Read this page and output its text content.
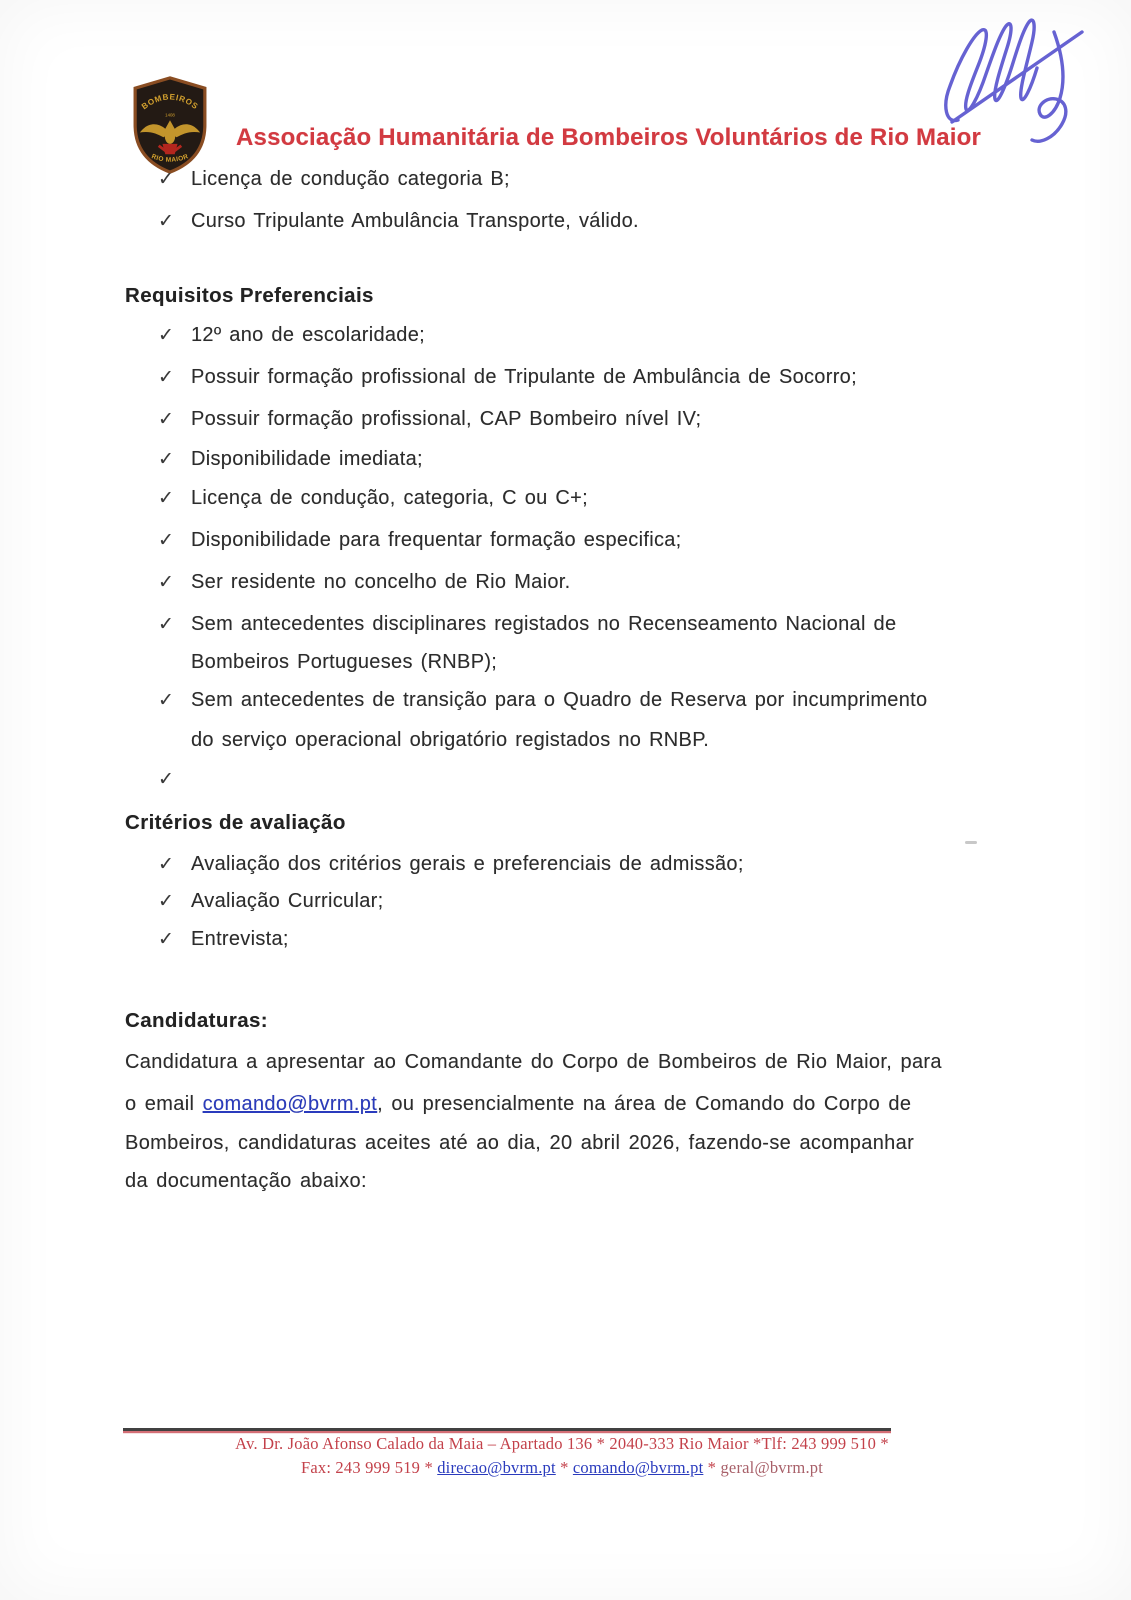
BOMBEIROS
1408
RIO MAIOR
Associação Humanitária de Bombeiros Voluntários de Rio Maior
✓ Licença de condução categoria B;
✓ Curso Tripulante Ambulância Transporte, válido.
Requisitos Preferenciais
✓ 12º ano de escolaridade;
✓ Possuir formação profissional de Tripulante de Ambulância de Socorro;
✓ Possuir formação profissional, CAP Bombeiro nível IV;
✓ Disponibilidade imediata;
✓ Licença de condução, categoria, C ou C+;
✓ Disponibilidade para frequentar formação especifica;
✓ Ser residente no concelho de Rio Maior.
✓ Sem antecedentes disciplinares registados no Recenseamento Nacional de
Bombeiros Portugueses (RNBP);
✓ Sem antecedentes de transição para o Quadro de Reserva por incumprimento
do serviço operacional obrigatório registados no RNBP.
✓
Critérios de avaliação
✓ Avaliação dos critérios gerais e preferenciais de admissão;
✓ Avaliação Curricular;
✓ Entrevista;
Candidaturas:
Candidatura a apresentar ao Comandante do Corpo de Bombeiros de Rio Maior, para
o email comando@bvrm.pt, ou presencialmente na área de Comando do Corpo de
Bombeiros, candidaturas aceites até ao dia, 20 abril 2026, fazendo-se acompanhar
da documentação abaixo:
Av. Dr. João Afonso Calado da Maia – Apartado 136 * 2040-333 Rio Maior *Tlf: 243 999 510 *
Fax: 243 999 519 * direcao@bvrm.pt * comando@bvrm.pt * geral@bvrm.pt
